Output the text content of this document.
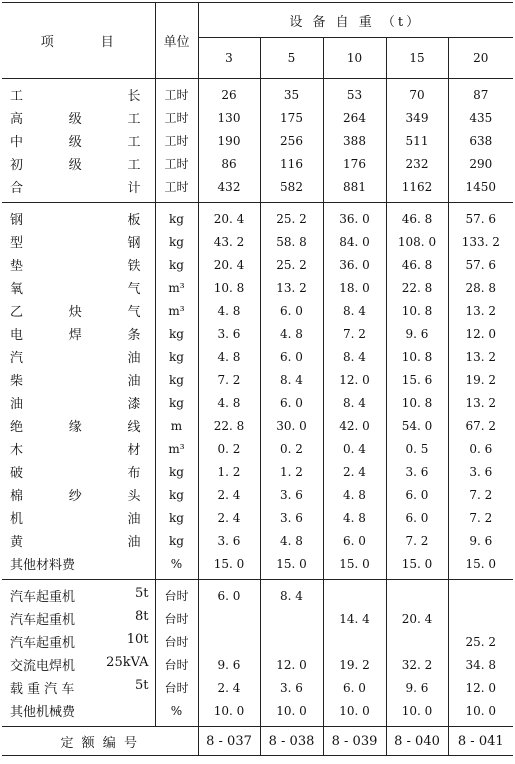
项　　　目	单位	设 备 自 重 （t）				
		3	5	10	15	20

工 长	工时	26	35	53	70	87

高 级 工	工时	130	175	264	349	435

中 级 工	工时	190	256	388	511	638

初 级 工	工时	86	116	176	232	290

合 计	工时	432	582	881	1162	1450

钢 板	kg	20. 4	25. 2	36. 0	46. 8	57. 6

型 钢	kg	43. 2	58. 8	84. 0	108. 0	133. 2

垫 铁	kg	20. 4	25. 2	36. 0	46. 8	57. 6

氧 气	m³	10. 8	13. 2	18. 0	22. 8	28. 8

乙 炔 气	m³	4. 8	6. 0	8. 4	10. 8	13. 2

电 焊 条	kg	3. 6	4. 8	7. 2	9. 6	12. 0

汽 油	kg	4. 8	6. 0	8. 4	10. 8	13. 2

柴 油	kg	7. 2	8. 4	12. 0	15. 6	19. 2

油 漆	kg	4. 8	6. 0	8. 4	10. 8	13. 2

绝 缘 线	m	22. 8	30. 0	42. 0	54. 0	67. 2

木 材	m³	0. 2	0. 2	0. 4	0. 5	0. 6

破 布	kg	1. 2	1. 2	2. 4	3. 6	3. 6

棉 纱 头	kg	2. 4	3. 6	4. 8	6. 0	7. 2

机 油	kg	2. 4	3. 6	4. 8	6. 0	7. 2

黄 油	kg	3. 6	4. 8	6. 0	7. 2	9. 6

其他材料费	%	15. 0	15. 0	15. 0	15. 0	15. 0

汽车起重机 5t	台时	6. 0	8. 4			

汽车起重机 8t	台时			14. 4	20. 4	

汽车起重机 10t	台时					25. 2

交流电焊机 25kVA	台时	9. 6	12. 0	19. 2	32. 2	34. 8

载 重 汽 车 5t	台时	2. 4	3. 6	6. 0	9. 6	12. 0

其他机械费	%	10. 0	10. 0	10. 0	10. 0	10. 0
定 额 编 号		8 - 037	8 - 038	8 - 039	8 - 040	8 - 041
